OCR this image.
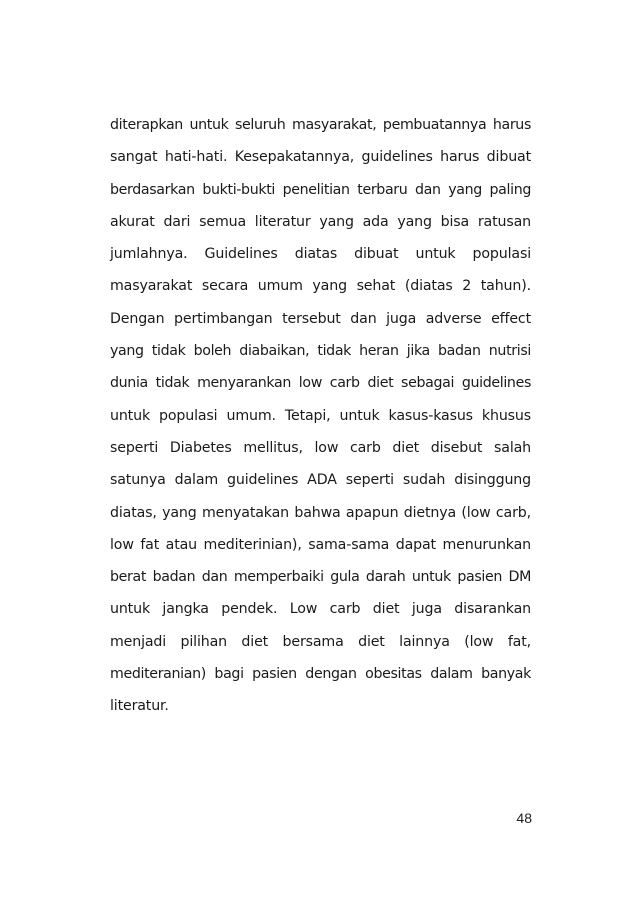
diterapkan untuk seluruh masyarakat, pembuatannya harus
sangat hati-hati. Kesepakatannya, guidelines harus dibuat
berdasarkan bukti-bukti penelitian terbaru dan yang paling
akurat dari semua literatur yang ada yang bisa ratusan
jumlahnya. Guidelines diatas dibuat untuk populasi
masyarakat secara umum yang sehat (diatas 2 tahun).
Dengan pertimbangan tersebut dan juga adverse effect
yang tidak boleh diabaikan, tidak heran jika badan nutrisi
dunia tidak menyarankan low carb diet sebagai guidelines
untuk populasi umum. Tetapi, untuk kasus-kasus khusus
seperti Diabetes mellitus, low carb diet disebut salah
satunya dalam guidelines ADA seperti sudah disinggung
diatas, yang menyatakan bahwa apapun dietnya (low carb,
low fat atau mediterinian), sama-sama dapat menurunkan
berat badan dan memperbaiki gula darah untuk pasien DM
untuk jangka pendek. Low carb diet juga disarankan
menjadi pilihan diet bersama diet lainnya (low fat,
mediteranian) bagi pasien dengan obesitas dalam banyak
literatur.
48
